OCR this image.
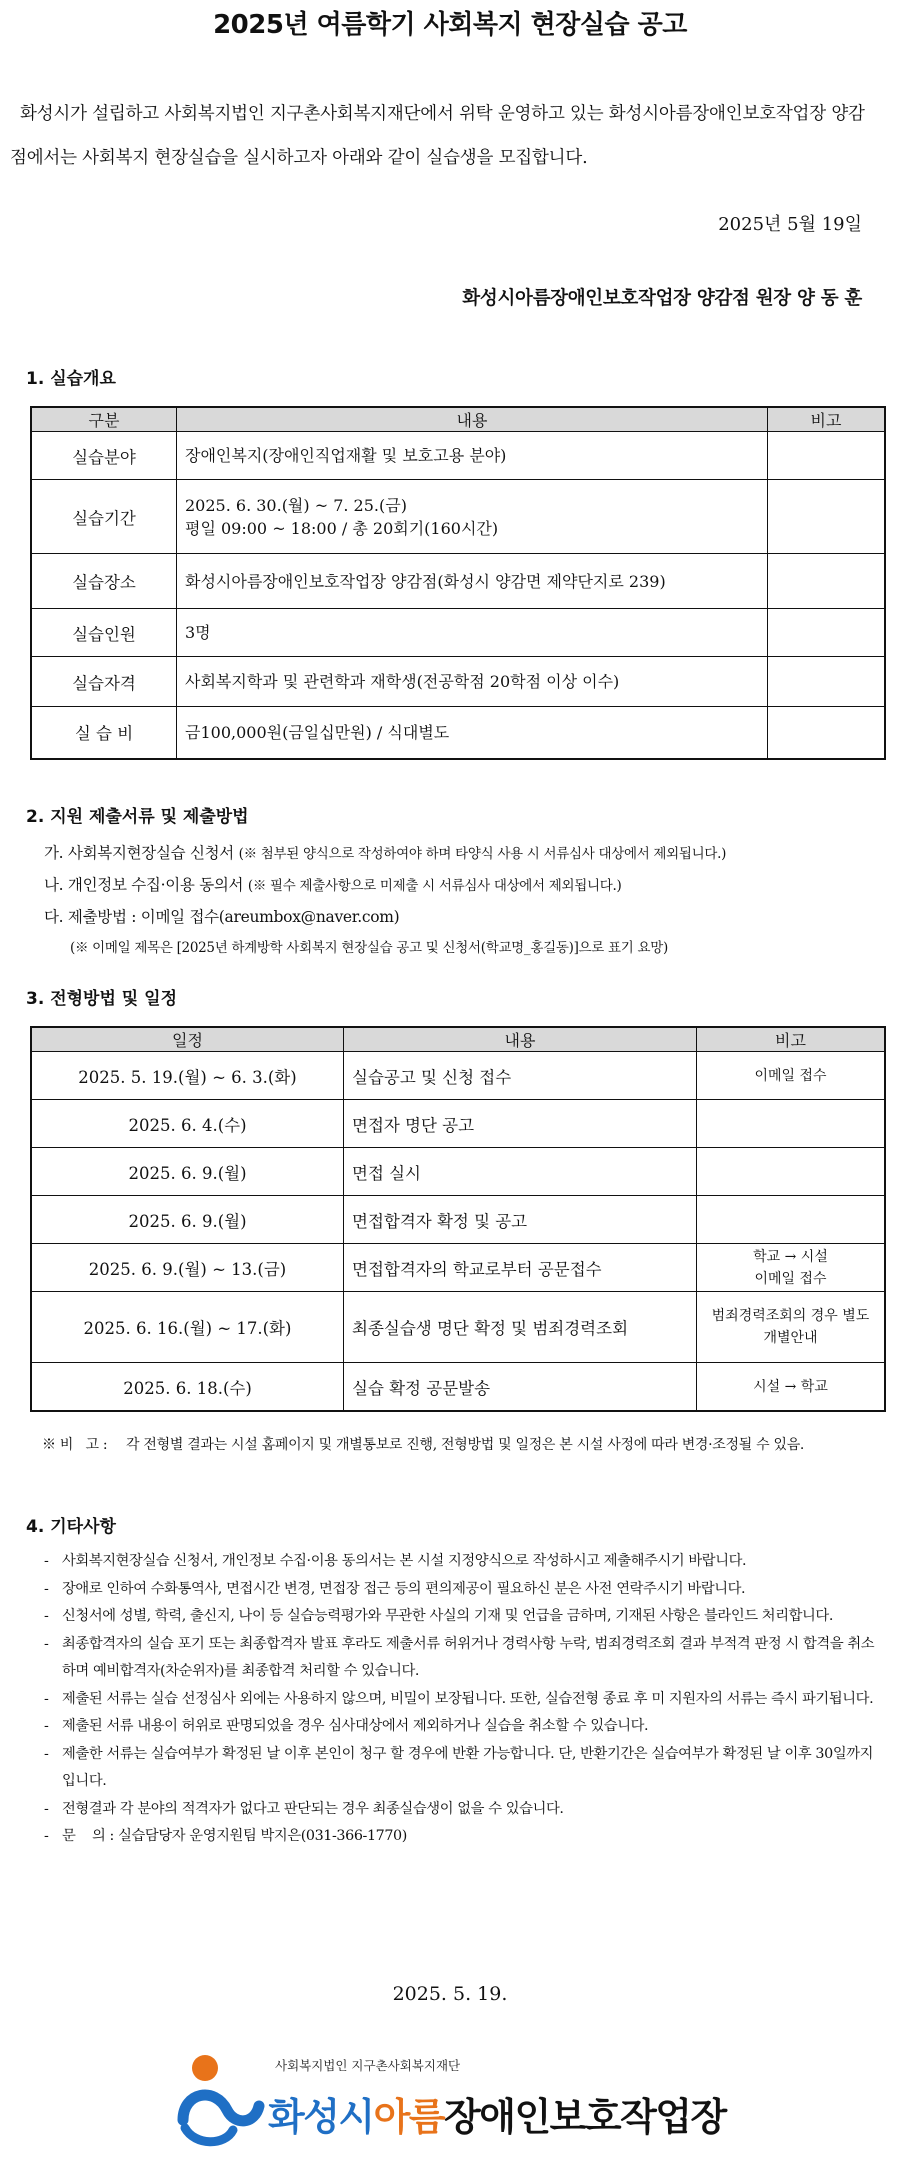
2025년 여름학기 사회복지 현장실습 공고
화성시가 설립하고 사회복지법인 지구촌사회복지재단에서 위탁 운영하고 있는 화성시아름장애인보호작업장 양감점에서는 사회복지 현장실습을 실시하고자 아래와 같이 실습생을 모집합니다.
2025년 5월 19일
화성시아름장애인보호작업장 양감점 원장 양 동 훈
1. 실습개요
구분	내용	비고
실습분야	장애인복지(장애인직업재활 및 보호고용 분야)	
실습기간	2025. 6. 30.(월) ~ 7. 25.(금)
평일 09:00 ~ 18:00 / 총 20회기(160시간)	

실습장소	화성시아름장애인보호작업장 양감점(화성시 양감면 제약단지로 239)	
실습인원	3명	
실습자격	사회복지학과 및 관련학과 재학생(전공학점 20학점 이상 이수)	
실 습 비	금100,000원(금일십만원) / 식대별도	
2. 지원 제출서류 및 제출방법
가. 사회복지현장실습 신청서 (※ 첨부된 양식으로 작성하여야 하며 타양식 사용 시 서류심사 대상에서 제외됩니다.)
나. 개인정보 수집·이용 동의서 (※ 필수 제출사항으로 미제출 시 서류심사 대상에서 제외됩니다.)
다. 제출방법 : 이메일 접수(areumbox@naver.com)
(※ 이메일 제목은 [2025년 하계방학 사회복지 현장실습 공고 및 신청서(학교명_홍길동)]으로 표기 요망)
3. 전형방법 및 일정
일정	내용	비고
2025. 5. 19.(월) ~ 6. 3.(화)	실습공고 및 신청 접수	이메일 접수

2025. 6. 4.(수)	면접자 명단 공고	
2025. 6. 9.(월)	면접 실시	
2025. 6. 9.(월)	면접합격자 확정 및 공고	
2025. 6. 9.(월) ~ 13.(금)	면접합격자의 학교로부터 공문접수	학교 → 시설
이메일 접수

2025. 6. 16.(월) ~ 17.(화)	최종실습생 명단 확정 및 범죄경력조회	범죄경력조회의 경우 별도
개별안내

2025. 6. 18.(수)	실습 확정 공문발송	시설 → 학교
※ 비   고 :	각 전형별 결과는 시설 홈페이지 및 개별통보로 진행, 전형방법 및 일정은 본 시설 사정에 따라 변경·조정될 수 있음.
4. 기타사항
- 사회복지현장실습 신청서, 개인정보 수집·이용 동의서는 본 시설 지정양식으로 작성하시고 제출해주시기 바랍니다.
- 장애로 인하여 수화통역사, 면접시간 변경, 면접장 접근 등의 편의제공이 필요하신 분은 사전 연락주시기 바랍니다.
- 신청서에 성별, 학력, 출신지, 나이 등 실습능력평가와 무관한 사실의 기재 및 언급을 금하며, 기재된 사항은 블라인드 처리합니다.
- 최종합격자의 실습 포기 또는 최종합격자 발표 후라도 제출서류 허위거나 경력사항 누락, 범죄경력조회 결과 부적격 판정 시 합격을 취소하며 예비합격자(차순위자)를 최종합격 처리할 수 있습니다.
- 제출된 서류는 실습 선정심사 외에는 사용하지 않으며, 비밀이 보장됩니다. 또한, 실습전형 종료 후 미 지원자의 서류는 즉시 파기됩니다.
- 제출된 서류 내용이 허위로 판명되었을 경우 심사대상에서 제외하거나 실습을 취소할 수 있습니다.
- 제출한 서류는 실습여부가 확정된 날 이후 본인이 청구 할 경우에 반환 가능합니다. 단, 반환기간은 실습여부가 확정된 날 이후 30일까지입니다.
- 전형결과 각 분야의 적격자가 없다고 판단되는 경우 최종실습생이 없을 수 있습니다.
- 문    의 : 실습담당자 운영지원팀 박지은(031-366-1770)
2025. 5. 19.
사회복지법인 지구촌사회복지재단
화성시아름장애인보호작업장
